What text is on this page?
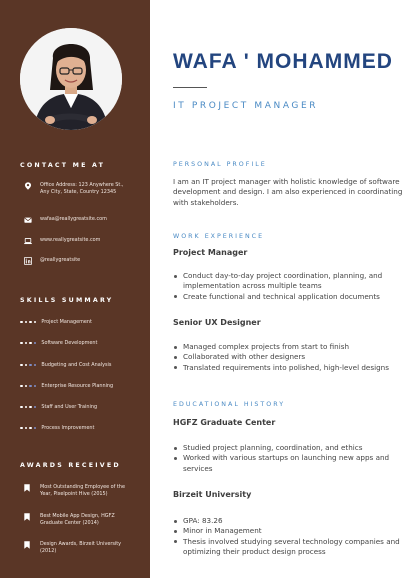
CONTACT ME AT
Office Address: 123 Anywhere St., Any City, State, Country 12345
wafaa@reallygreatsite.com
www.reallygreatsite.com
@reallygreatsite
SKILLS SUMMARY
Project Management
Software Development
Budgeting and Cost Analysis
Enterprise Resource Planning
Staff and User Training
Process Improvement
AWARDS RECEIVED
Most Outstanding Employee of the Year, Pixelpoint Hive (2015)
Best Mobile App Design, HGFZ Graduate Center (2014)
Design Awards, Birzeit University (2012)
WAFA ' MOHAMMED
IT PROJECT MANAGER
PERSONAL PROFILE
I am an IT project manager with holistic knowledge of software development and design. I am also experienced in coordinating with stakeholders.
WORK EXPERIENCE
Project Manager
Conduct day-to-day project coordination, planning, and implementation across multiple teams
Create functional and technical application documents
Senior UX Designer
Managed complex projects from start to finish
Collaborated with other designers
Translated requirements into polished, high-level designs
EDUCATIONAL HISTORY
HGFZ Graduate Center
Studied project planning, coordination, and ethics
Worked with various startups on launching new apps and services
Birzeit University
GPA: 83.26
Minor in Management
Thesis involved studying several technology companies and optimizing their product design process
